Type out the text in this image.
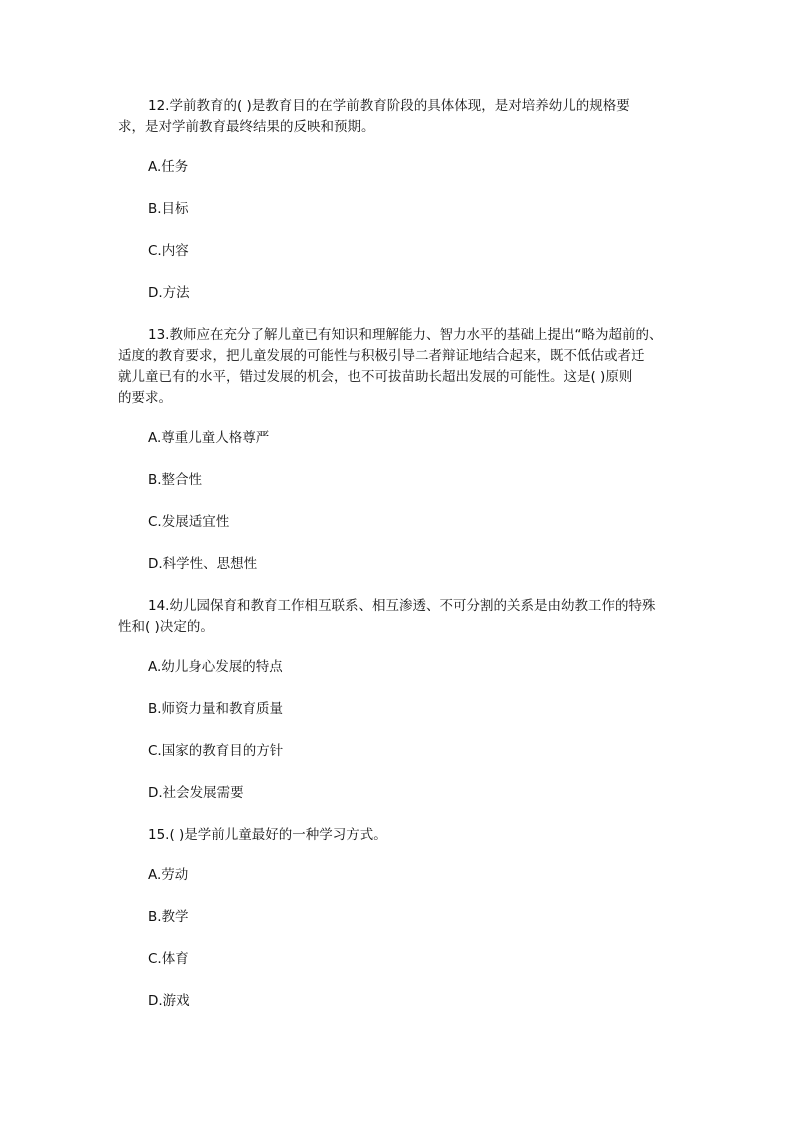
12.学前教育的( )是教育目的在学前教育阶段的具体体现，是对培养幼儿的规格要
求，是对学前教育最终结果的反映和预期。

A.任务
B.目标
C.内容
D.方法

13.教师应在充分了解儿童已有知识和理解能力、智力水平的基础上提出“略为超前的、
适度的教育要求，把儿童发展的可能性与积极引导二者辩证地结合起来，既不低估或者迁
就儿童已有的水平，错过发展的机会，也不可拔苗助长超出发展的可能性。这是( )原则
的要求。

A.尊重儿童人格尊严
B.整合性
C.发展适宜性
D.科学性、思想性

14.幼儿园保育和教育工作相互联系、相互渗透、不可分割的关系是由幼教工作的特殊
性和( )决定的。

A.幼儿身心发展的特点
B.师资力量和教育质量
C.国家的教育目的方针
D.社会发展需要

15.( )是学前儿童最好的一种学习方式。

A.劳动
B.教学
C.体育
D.游戏
